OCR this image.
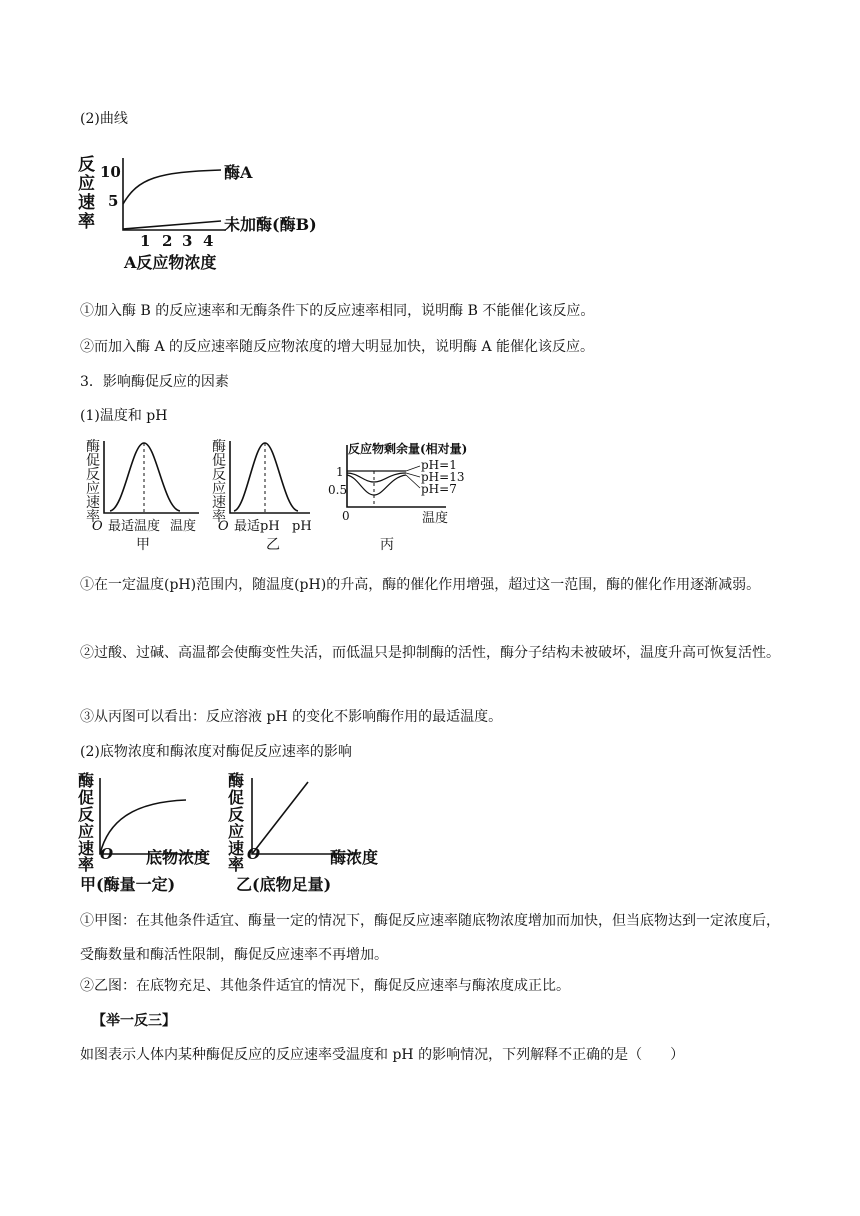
(2)曲线
反
应
速
率
10
5
酶A
未加酶(酶B)
1 2 3 4
A反应物浓度
①加入酶 B 的反应速率和无酶条件下的反应速率相同，说明酶 B 不能催化该反应。
②而加入酶 A 的反应速率随反应物浓度的增大明显加快，说明酶 A 能催化该反应。
3．影响酶促反应的因素
(1)温度和 pH
酶
促
反
应
速
率
O 最适温度 温度
甲
酶
促
反
应
速
率
O 最适pH pH
乙
反应物剩余量(相对量)
1
0.5
pH=1
pH=13
pH=7
0	温度
丙
①在一定温度(pH)范围内，随温度(pH)的升高，酶的催化作用增强，超过这一范围，酶的催化作用逐渐减弱。
②过酸、过碱、高温都会使酶变性失活，而低温只是抑制酶的活性，酶分子结构未被破坏，温度升高可恢复活性。
③从丙图可以看出：反应溶液 pH 的变化不影响酶作用的最适温度。
(2)底物浓度和酶浓度对酶促反应速率的影响
酶
促
反
应
速
率
O 底物浓度
甲(酶量一定)
酶
促
反
应
速
率
O	酶浓度
乙(底物足量)
①甲图：在其他条件适宜、酶量一定的情况下，酶促反应速率随底物浓度增加而加快，但当底物达到一定浓度后，受酶数量和酶活性限制，酶促反应速率不再增加。
②乙图：在底物充足、其他条件适宜的情况下，酶促反应速率与酶浓度成正比。
【举一反三】
如图表示人体内某种酶促反应的反应速率受温度和 pH 的影响情况，下列解释不正确的是（　　）
